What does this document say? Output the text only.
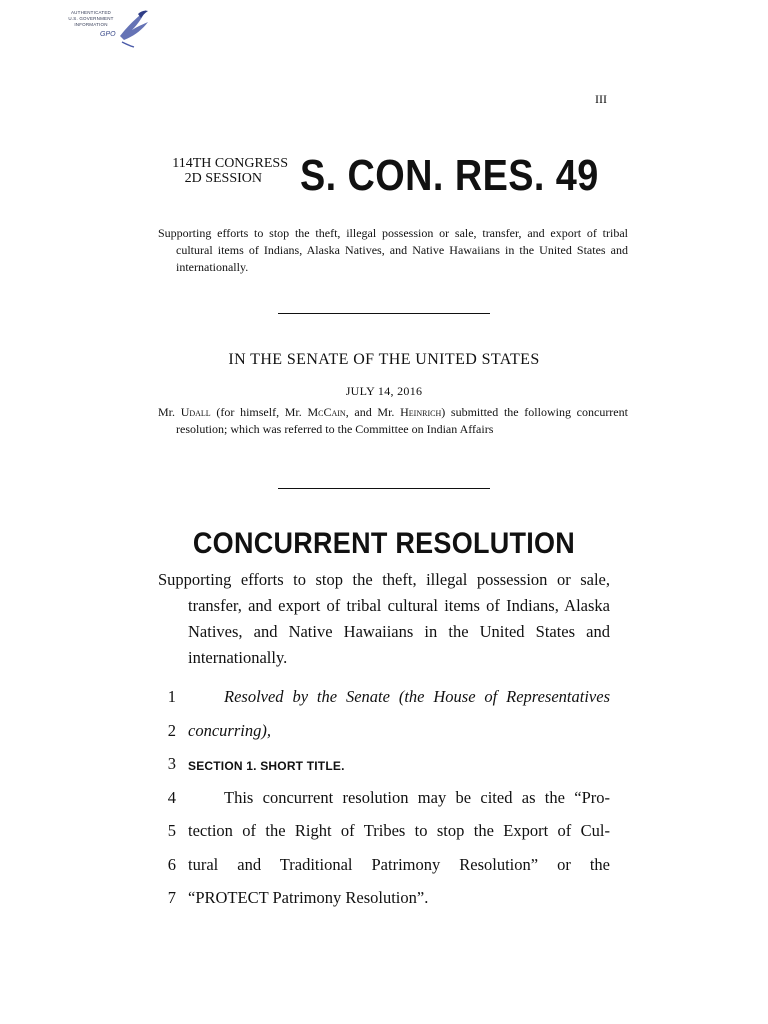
AUTHENTICATED
U.S. GOVERNMENT
INFORMATION
GPO
III
114TH CONGRESS
2D SESSION S. CON. RES. 49
Supporting efforts to stop the theft, illegal possession or sale, transfer, and export of tribal cultural items of Indians, Alaska Natives, and Native Hawaiians in the United States and internationally.
IN THE SENATE OF THE UNITED STATES
JULY 14, 2016
Mr. Udall (for himself, Mr. McCain, and Mr. Heinrich) submitted the following concurrent resolution; which was referred to the Committee on Indian Affairs
CONCURRENT RESOLUTION
Supporting efforts to stop the theft, illegal possession or sale, transfer, and export of tribal cultural items of Indians, Alaska Natives, and Native Hawaiians in the United States and internationally.
1	Resolved by the Senate (the House of Representatives
2 concurring),
3 SECTION 1. SHORT TITLE.
4	This concurrent resolution may be cited as the “Pro-
5 tection of the Right of Tribes to stop the Export of Cul-
6 tural and Traditional Patrimony Resolution” or the
7 “PROTECT Patrimony Resolution”.
